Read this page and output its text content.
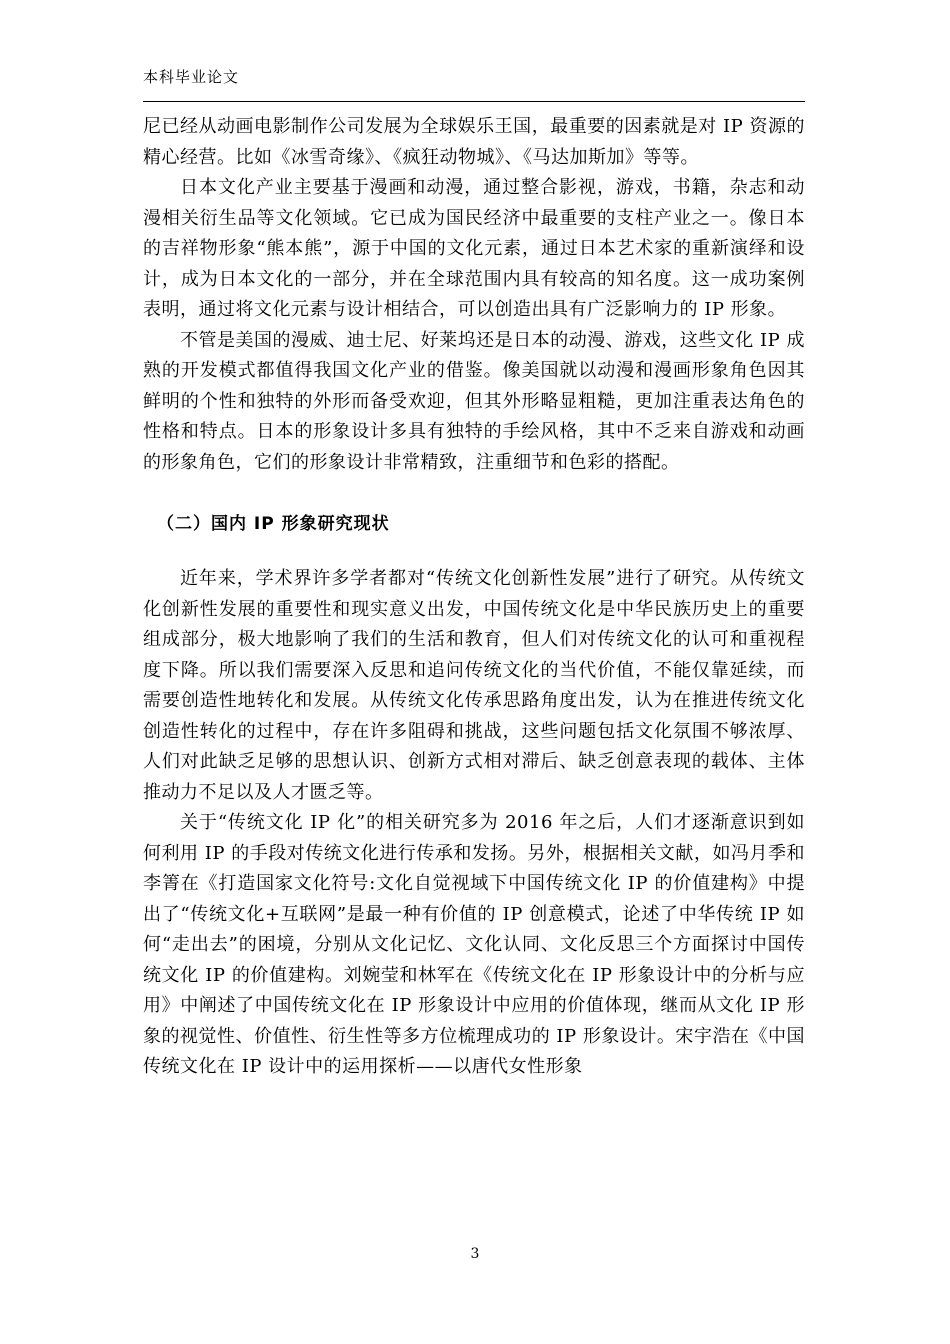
本科毕业论文

尼已经从动画电影制作公司发展为全球娱乐王国，最重要的因素就是对 IP 资源的精心经营。比如《冰雪奇缘》、《疯狂动物城》、《马达加斯加》等等。

日本文化产业主要基于漫画和动漫，通过整合影视，游戏，书籍，杂志和动漫相关衍生品等文化领域。它已成为国民经济中最重要的支柱产业之一。像日本的吉祥物形象“熊本熊”，源于中国的文化元素，通过日本艺术家的重新演绎和设计，成为日本文化的一部分，并在全球范围内具有较高的知名度。这一成功案例表明，通过将文化元素与设计相结合，可以创造出具有广泛影响力的 IP 形象。

不管是美国的漫威、迪士尼、好莱坞还是日本的动漫、游戏，这些文化 IP 成熟的开发模式都值得我国文化产业的借鉴。像美国就以动漫和漫画形象角色因其鲜明的个性和独特的外形而备受欢迎，但其外形略显粗糙，更加注重表达角色的性格和特点。日本的形象设计多具有独特的手绘风格，其中不乏来自游戏和动画的形象角色，它们的形象设计非常精致，注重细节和色彩的搭配。

（二）国内 IP 形象研究现状

近年来，学术界许多学者都对“传统文化创新性发展”进行了研究。从传统文化创新性发展的重要性和现实意义出发，中国传统文化是中华民族历史上的重要组成部分，极大地影响了我们的生活和教育，但人们对传统文化的认可和重视程度下降。所以我们需要深入反思和追问传统文化的当代价值，不能仅靠延续，而需要创造性地转化和发展。从传统文化传承思路角度出发，认为在推进传统文化创造性转化的过程中，存在许多阻碍和挑战，这些问题包括文化氛围不够浓厚、人们对此缺乏足够的思想认识、创新方式相对滞后、缺乏创意表现的载体、主体推动力不足以及人才匮乏等。

关于“传统文化 IP 化”的相关研究多为 2016 年之后，人们才逐渐意识到如何利用 IP 的手段对传统文化进行传承和发扬。另外，根据相关文献，如冯月季和李箐在《打造国家文化符号:文化自觉视域下中国传统文化 IP 的价值建构》中提出了“传统文化+互联网”是最一种有价值的 IP 创意模式，论述了中华传统 IP 如何“走出去”的困境，分别从文化记忆、文化认同、文化反思三个方面探讨中国传统文化 IP 的价值建构。刘婉莹和林军在《传统文化在 IP 形象设计中的分析与应用》中阐述了中国传统文化在 IP 形象设计中应用的价值体现，继而从文化 IP 形象的视觉性、价值性、衍生性等多方位梳理成功的 IP 形象设计。宋宇浩在《中国传统文化在 IP 设计中的运用探析——以唐代女性形象

3
